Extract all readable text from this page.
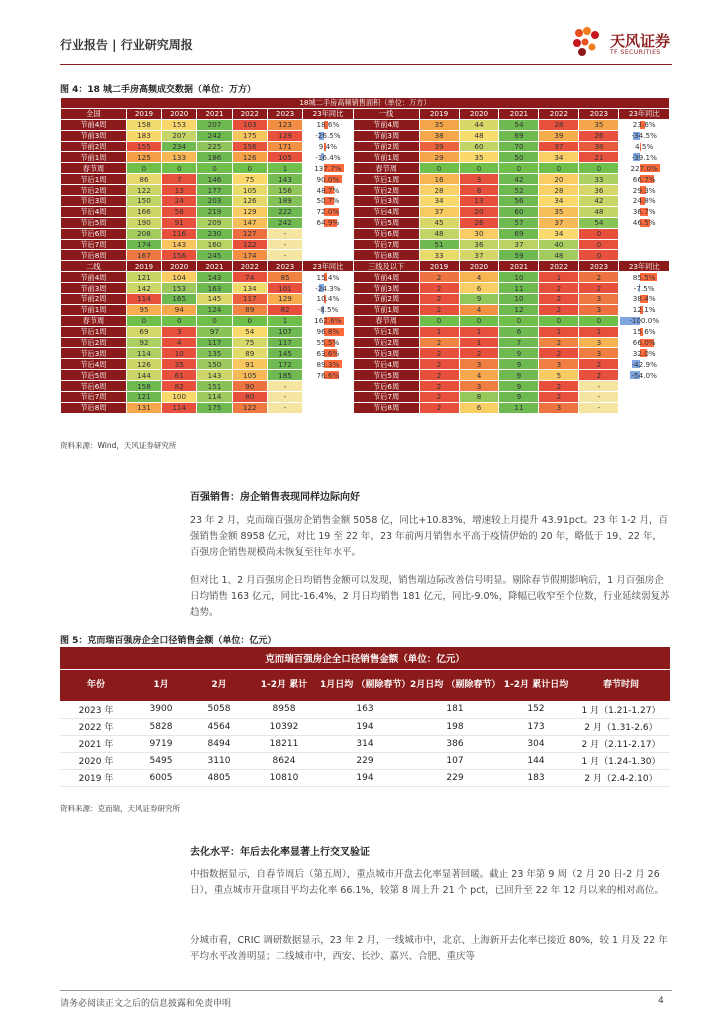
行业报告 | 行业研究周报	天风证券
TF SECURITIES
图 4：18 城二手房高频成交数据（单位：万方）
18城二手房高频销售面积（单位：万方）													
全国	2019	2020	2021	2022	2023	23年同比	一线	2019	2020	2021	2022	2023	23年同比
节前4周	158	153	207	103	123	18.6%	节前4周	35	44	54	28	35	23.6%
节前3周	183	207	242	175	129	-26.5%	节前3周	38	48	69	39	26	-34.5%
节前2周	155	234	225	156	171	9.4%	节前2周	39	60	70	37	38	4.5%
节前1周	125	133	186	126	105	-16.4%	节前1周	29	35	50	34	21	-39.1%
春节周	0	0	0	0	1	137.7%	春节周	0	0	0	0	0	227.0%
节后1周	86	7	146	75	143	90.0%	节后1周	16	3	42	20	33	66.7%
节后2周	122	13	177	105	156	48.7%	节后2周	28	8	52	28	36	29.3%
节后3周	150	24	203	126	189	50.7%	节后3周	34	13	56	34	42	24.8%
节后4周	166	58	219	129	222	72.0%	节后4周	37	20	60	35	48	36.7%
节后5周	190	91	209	147	242	64.9%	节后5周	45	26	57	37	54	46.5%
节后6周	208	116	230	127	-		节后6周	48	30	69	34	0	
节后7周	174	143	160	122	-		节后7周	51	36	37	40	0	
节后8周	167	156	245	174	-		节后8周	33	37	59	48	0	
二线	2019	2020	2021	2022	2023	23年同比	三线及以下	2019	2020	2021	2022	2023	23年同比
节前4周	121	104	143	74	85	15.4%	节前4周	2	4	10	1	2	85.5%
节前3周	142	153	163	134	101	-24.3%	节前3周	2	6	11	2	2	-7.5%
节前2周	114	165	145	117	129	10.4%	节前2周	2	9	10	2	3	38.4%
节前1周	95	94	124	89	82	-8.5%	节前1周	2	4	12	2	3	12.1%
春节周	0	0	0	0	1	162.6%	春节周	0	0	0	0	0	-100.0%
节后1周	69	3	97	54	107	96.8%	节后1周	1	1	6	1	1	15.6%
节后2周	92	4	117	75	117	55.5%	节后2周	2	1	7	2	3	66.0%
节后3周	114	10	135	89	145	63.6%	节后3周	2	2	9	2	3	32.0%
节后4周	126	35	150	91	172	89.3%	节后4周	2	3	9	3	2	-42.9%
节后5周	144	61	143	105	185	76.6%	节后5周	2	4	9	5	2	-54.0%
节后6周	158	82	151	90	-		节后6周	2	3	9	2	-	
节后7周	121	100	114	80	-		节后7周	2	8	9	2	-	
节后8周	131	114	175	122	-		节后8周	2	6	11	3	-	
资料来源：Wind，天风证券研究所
百强销售：房企销售表现同样边际向好
23 年 2 月，克而瑞百强房企销售金额 5058 亿，同比+10.83%，增速较上月提升 43.91pct。23 年 1-2 月，百强销售金额 8958 亿元，对比 19 至 22 年，23 年前两月销售水平高于疫情伊始的 20 年，略低于 19、22 年，百强房企销售规模尚未恢复至往年水平。
但对比 1、2 月百强房企日均销售金额可以发现，销售端边际改善信号明显。剔除春节假期影响后，1 月百强房企日均销售 163 亿元，同比-16.4%，2 月日均销售 181 亿元，同比-9.0%，降幅已收窄至个位数，行业延续弱复苏趋势。
图 5：克而瑞百强房企全口径销售金额（单位：亿元）
克而瑞百强房企全口径销售金额（单位：亿元）							
年份	1月	2月	1-2月 累计	1月日均 （剔除春节）	2月日均 （剔除春节）	1-2月 累计日均	春节时间
2023 年	3900	5058	8958	163	181	152	1 月（1.21-1.27）
2022 年	5828	4564	10392	194	198	173	2 月（1.31-2.6）
2021 年	9719	8494	18211	314	386	304	2 月（2.11-2.17）
2020 年	5495	3110	8624	229	107	144	1 月（1.24-1.30）
2019 年	6005	4805	10810	194	229	183	2 月（2.4-2.10）
资料来源：克而瑞，天风证券研究所
去化水平：年后去化率显著上行交叉验证
中指数据显示，自春节周后（第五周），重点城市开盘去化率显著回暖。截止 23 年第 9 周（2 月 20 日-2 月 26 日），重点城市开盘项目平均去化率 66.1%，较第 8 周上升 21 个 pct，已回升至 22 年 12 月以来的相对高位。
分城市看，CRIC 调研数据显示，23 年 2 月，一线城市中，北京、上海新开去化率已接近 80%，较 1 月及 22 年平均水平改善明显；二线城市中，西安、长沙、嘉兴、合肥、重庆等
请务必阅读正文之后的信息披露和免责申明	4
